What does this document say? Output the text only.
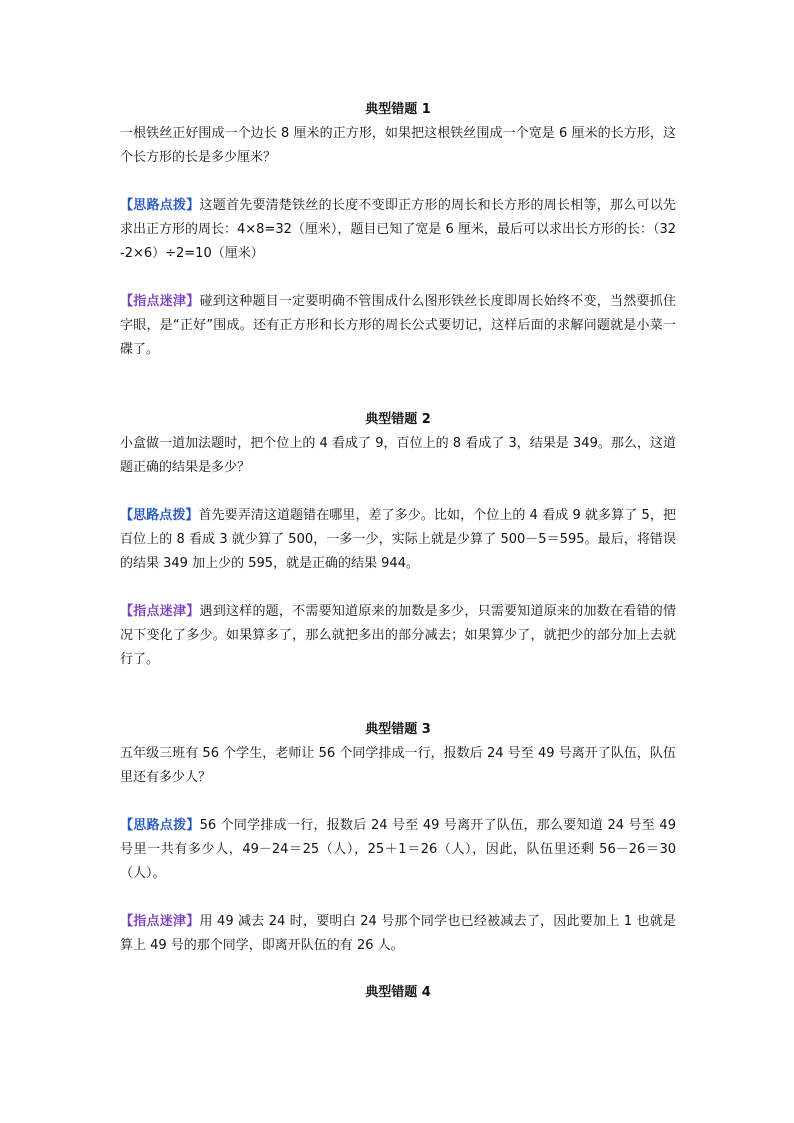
典型错题 1

一根铁丝正好围成一个边长 8 厘米的正方形，如果把这根铁丝围成一个宽是 6 厘米的长方形，这个长方形的长是多少厘米？

【思路点拨】这题首先要清楚铁丝的长度不变即正方形的周长和长方形的周长相等，那么可以先求出正方形的周长：4×8=32（厘米），题目已知了宽是 6 厘米，最后可以求出长方形的长：（32-2×6）÷2=10（厘米）

【指点迷津】碰到这种题目一定要明确不管围成什么图形铁丝长度即周长始终不变，当然要抓住字眼，是“正好”围成。还有正方形和长方形的周长公式要切记，这样后面的求解问题就是小菜一碟了。

典型错题 2

小盒做一道加法题时，把个位上的 4 看成了 9，百位上的 8 看成了 3，结果是 349。那么，这道题正确的结果是多少？

【思路点拨】首先要弄清这道题错在哪里，差了多少。比如，个位上的 4 看成 9 就多算了 5，把百位上的 8 看成 3 就少算了 500，一多一少，实际上就是少算了 500－5＝595。最后，将错误的结果 349 加上少的 595，就是正确的结果 944。

【指点迷津】遇到这样的题，不需要知道原来的加数是多少，只需要知道原来的加数在看错的情况下变化了多少。如果算多了，那么就把多出的部分减去；如果算少了，就把少的部分加上去就行了。

典型错题 3

五年级三班有 56 个学生，老师让 56 个同学排成一行，报数后 24 号至 49 号离开了队伍，队伍里还有多少人？

【思路点拨】56 个同学排成一行，报数后 24 号至 49 号离开了队伍，那么要知道 24 号至 49 号里一共有多少人，49－24＝25（人），25＋1＝26（人），因此，队伍里还剩 56－26＝30（人）。

【指点迷津】用 49 减去 24 时，要明白 24 号那个同学也已经被减去了，因此要加上 1 也就是算上 49 号的那个同学，即离开队伍的有 26 人。

典型错题 4
